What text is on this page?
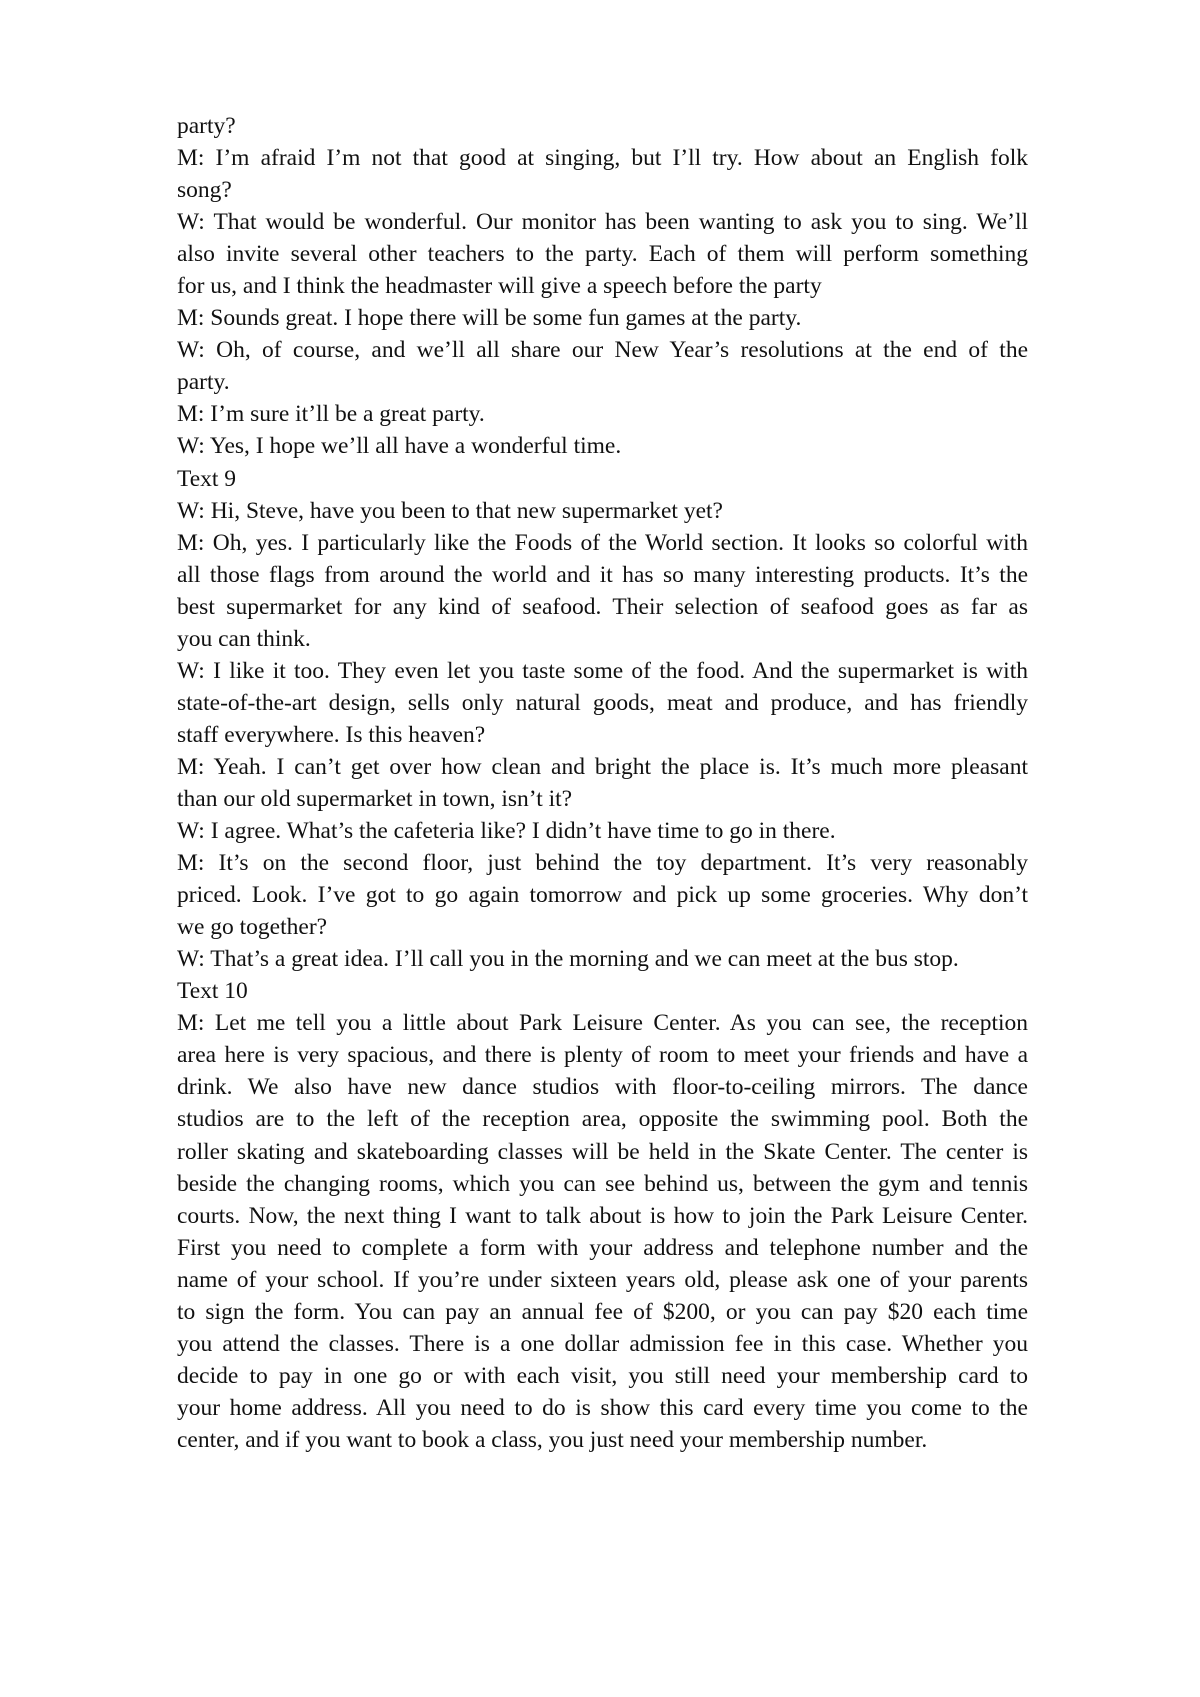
party?
M: I’m afraid I’m not that good at singing, but I’ll try. How about an English folk
song?
W: That would be wonderful. Our monitor has been wanting to ask you to sing. We’ll
also invite several other teachers to the party. Each of them will perform something
for us, and I think the headmaster will give a speech before the party
M: Sounds great. I hope there will be some fun games at the party.
W: Oh, of course, and we’ll all share our New Year’s resolutions at the end of the
party.
M: I’m sure it’ll be a great party.
W: Yes, I hope we’ll all have a wonderful time.
Text 9
W: Hi, Steve, have you been to that new supermarket yet?
M: Oh, yes. I particularly like the Foods of the World section. It looks so colorful with
all those flags from around the world and it has so many interesting products. It’s the
best supermarket for any kind of seafood. Their selection of seafood goes as far as
you can think.
W: I like it too. They even let you taste some of the food. And the supermarket is with
state-of-the-art design, sells only natural goods, meat and produce, and has friendly
staff everywhere. Is this heaven?
M: Yeah. I can’t get over how clean and bright the place is. It’s much more pleasant
than our old supermarket in town, isn’t it?
W: I agree. What’s the cafeteria like? I didn’t have time to go in there.
M: It’s on the second floor, just behind the toy department. It’s very reasonably
priced. Look. I’ve got to go again tomorrow and pick up some groceries. Why don’t
we go together?
W: That’s a great idea. I’ll call you in the morning and we can meet at the bus stop.
Text 10
M: Let me tell you a little about Park Leisure Center. As you can see, the reception
area here is very spacious, and there is plenty of room to meet your friends and have a
drink. We also have new dance studios with floor-to-ceiling mirrors. The dance
studios are to the left of the reception area, opposite the swimming pool. Both the
roller skating and skateboarding classes will be held in the Skate Center. The center is
beside the changing rooms, which you can see behind us, between the gym and tennis
courts. Now, the next thing I want to talk about is how to join the Park Leisure Center.
First you need to complete a form with your address and telephone number and the
name of your school. If you’re under sixteen years old, please ask one of your parents
to sign the form. You can pay an annual fee of $200, or you can pay $20 each time
you attend the classes. There is a one dollar admission fee in this case. Whether you
decide to pay in one go or with each visit, you still need your membership card to
your home address. All you need to do is show this card every time you come to the
center, and if you want to book a class, you just need your membership number.
